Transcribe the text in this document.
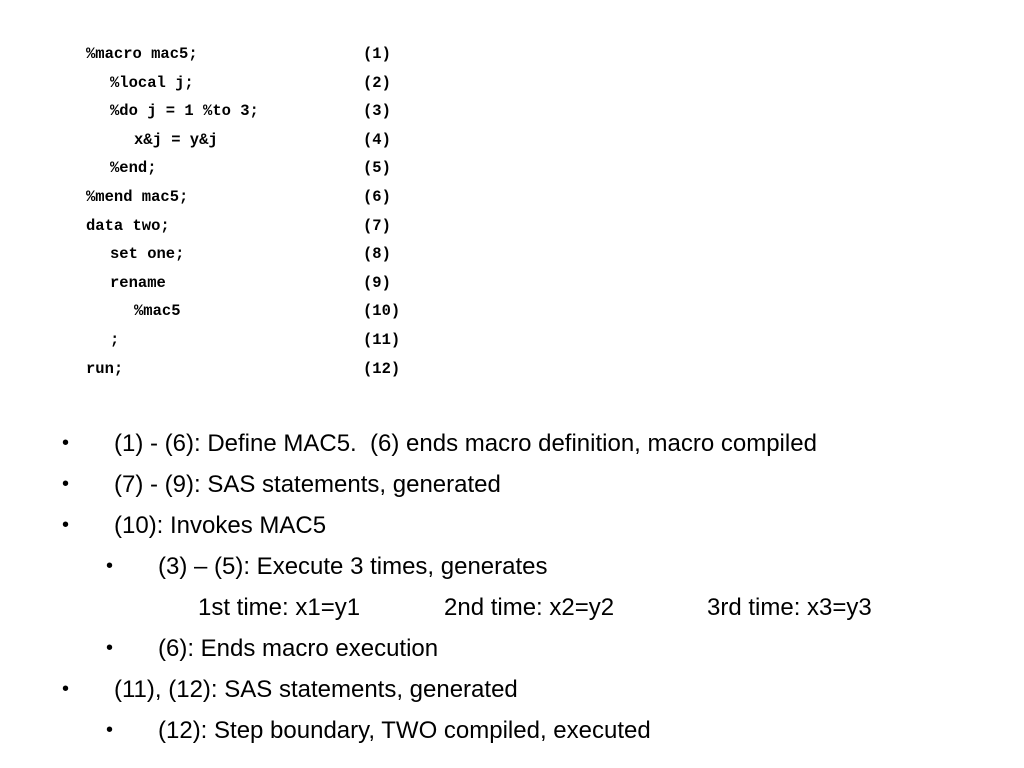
%macro mac5;

	(1)

%local j;

	(2)

%do j = 1 %to 3;

	(3)

x&j = y&j

	(4)

%end;

	(5)

%mend mac5;

	(6)

data two;

	(7)

set one;

	(8)

rename

	(9)

%mac5

	(10)

;

	(11)

run;

	(12)

• (1) - (6): Define MAC5.  (6) ends macro definition, macro compiled
• (7) - (9): SAS statements, generated
• (10): Invokes MAC5
• (3) – (5): Execute 3 times, generates
1st time: x1=y1	2nd time: x2=y2	3rd time: x3=y3
• (6): Ends macro execution
• (11), (12): SAS statements, generated
• (12): Step boundary, TWO compiled, executed
